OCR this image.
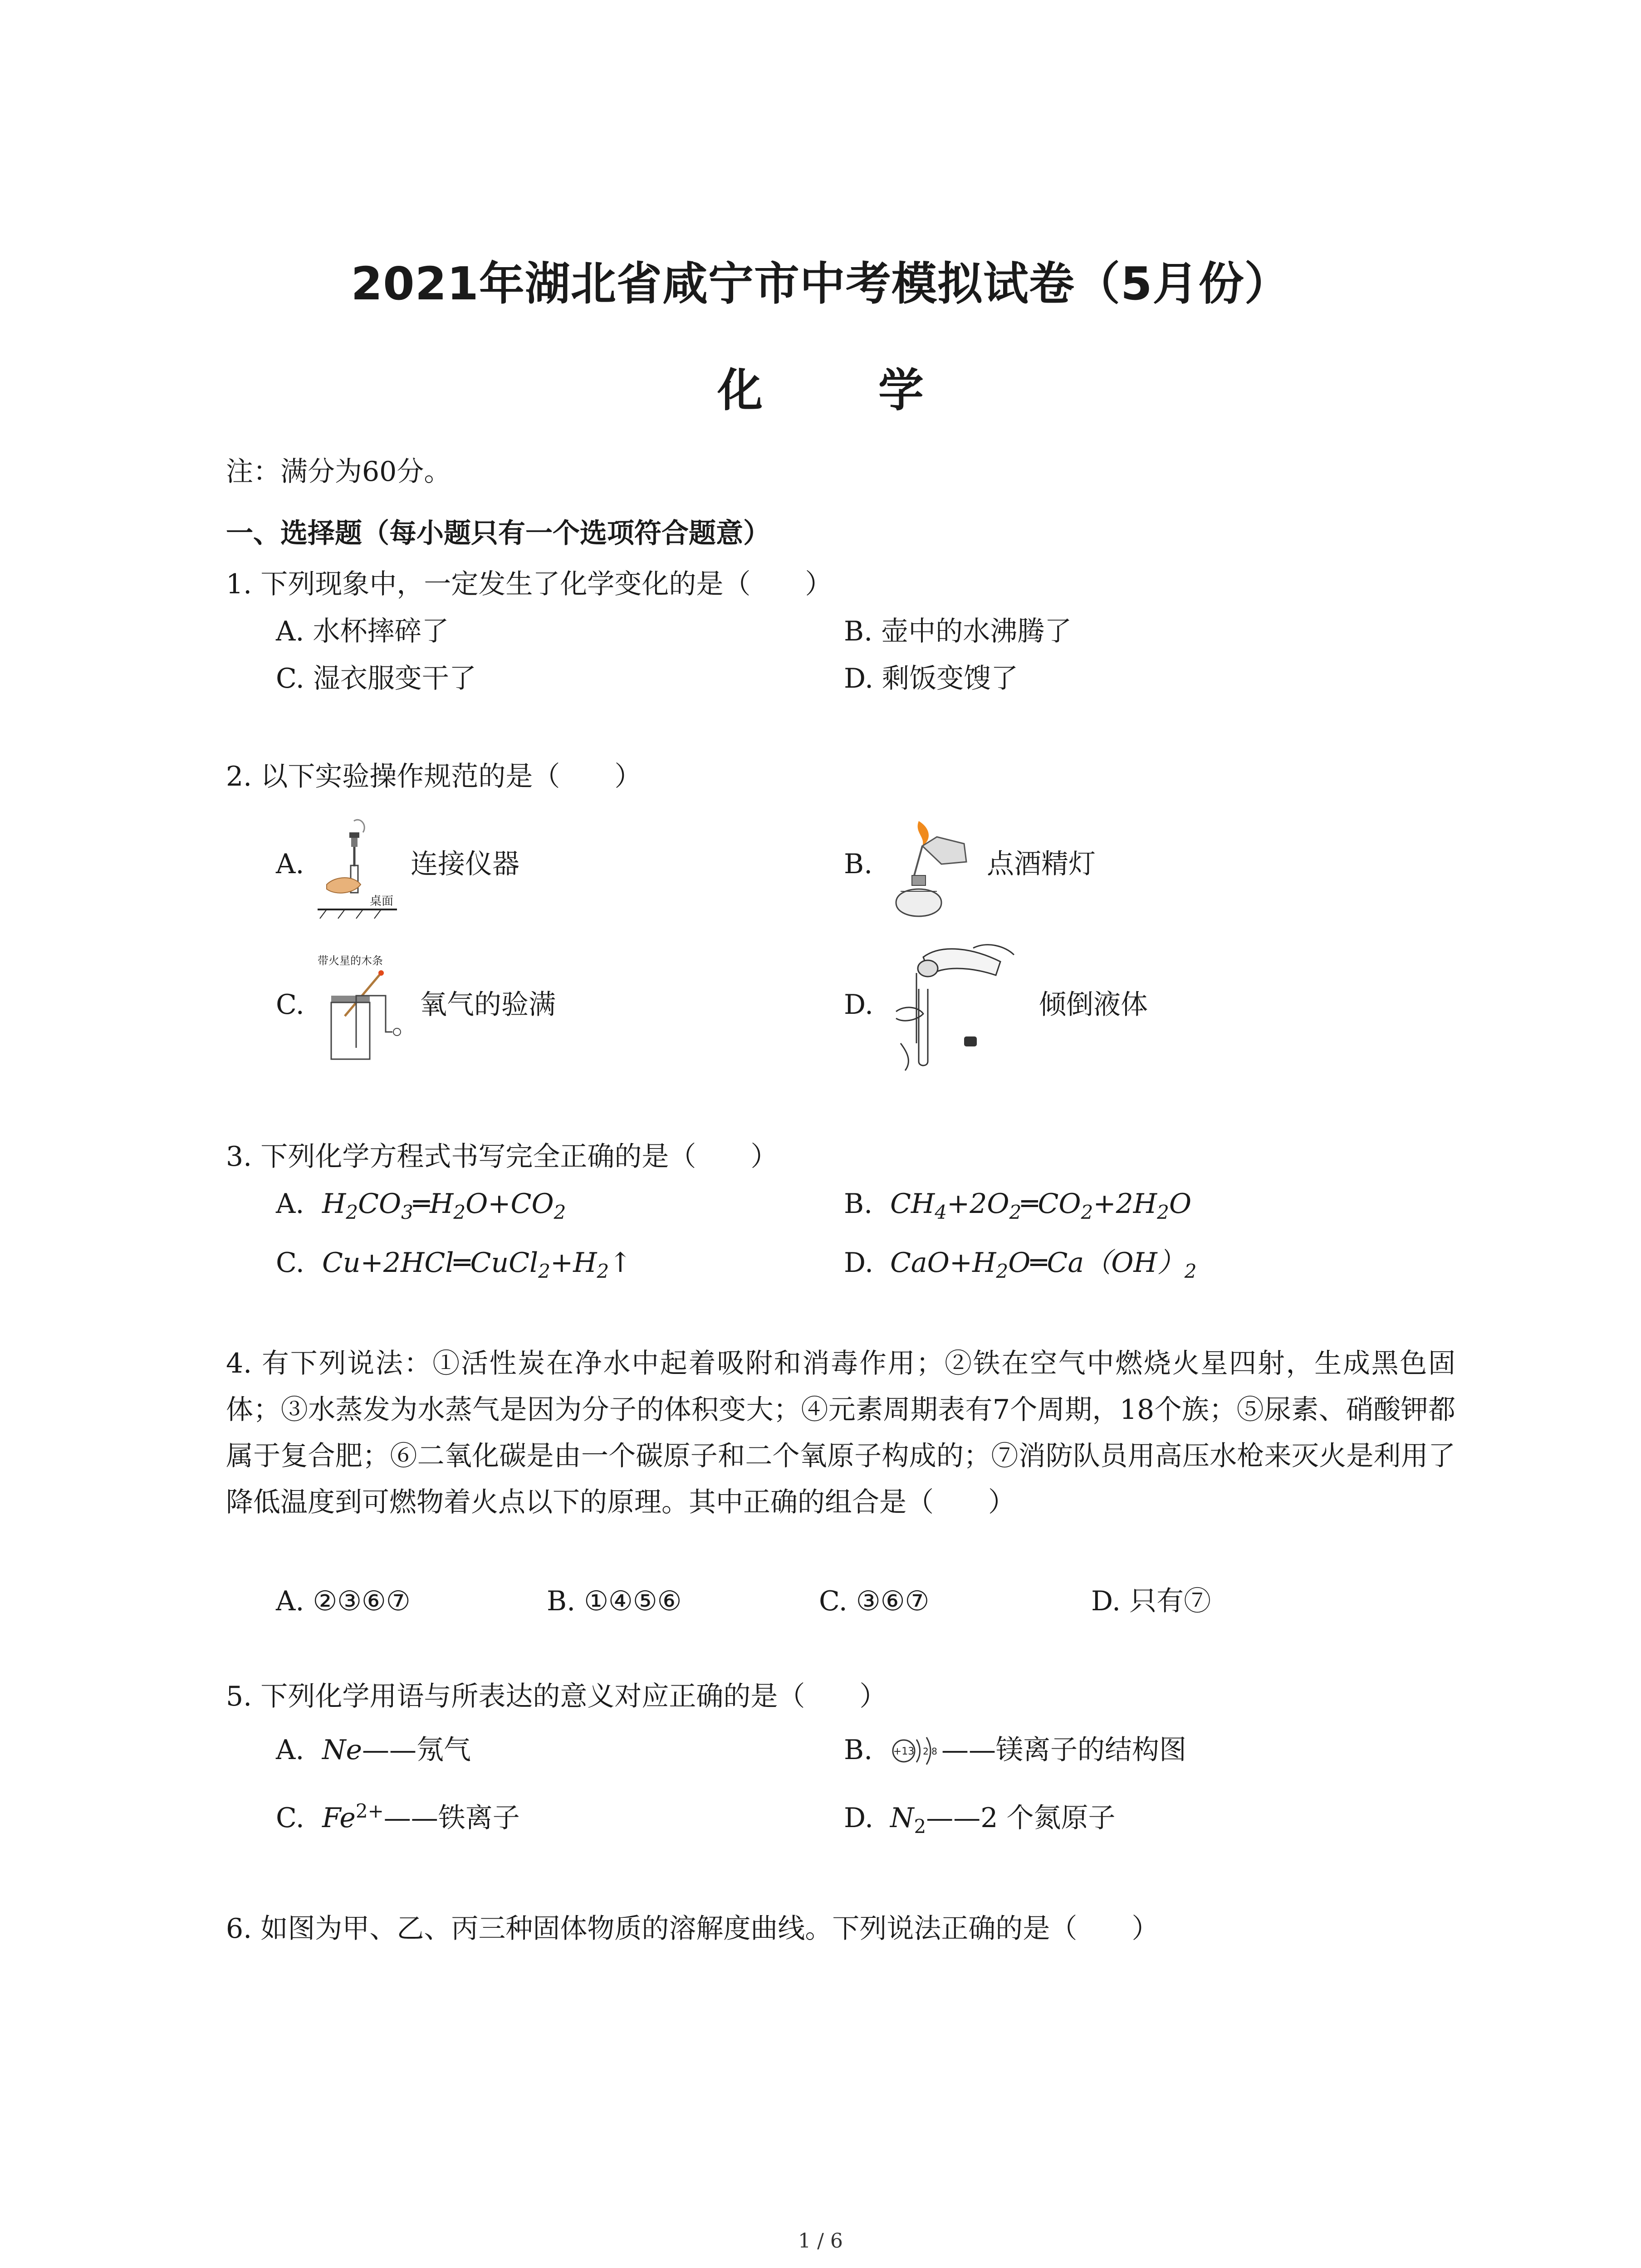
2021年湖北省咸宁市中考模拟试卷（5月份）
化 学
注：满分为60分。
一、选择题（每小题只有一个选项符合题意）
1. 下列现象中，一定发生了化学变化的是（　　）
A. 水杯摔碎了	B. 壶中的水沸腾了
C. 湿衣服变干了	D. 剩饭变馊了
2. 以下实验操作规范的是（　　）
A.
桌面
连接仪器	B.	点酒精灯
C.
带火星的木条
氧气的验满	D.	倾倒液体
3. 下列化学方程式书写完全正确的是（　　）
A. $H_2CO_3═H_2O+CO_2$	B. $CH_4+2O_2═CO_2+2H_2O$
C. $Cu+2HCl═CuCl_2+H_2↑$	D. $CaO+H_2O═Ca(OH)_2$
4. 有下列说法：①活性炭在净水中起着吸附和消毒作用；②铁在空气中燃烧火星四射，生成黑色固体；③水蒸发为水蒸气是因为分子的体积变大；④元素周期表有7个周期，18个族；⑤尿素、硝酸钾都属于复合肥；⑥二氧化碳是由一个碳原子和二个氧原子构成的；⑦消防队员用高压水枪来灭火是利用了降低温度到可燃物着火点以下的原理。其中正确的组合是（　　）
A. ②③⑥⑦	B. ①④⑤⑥	C. ③⑥⑦	D. 只有⑦
5. 下列化学用语与所表达的意义对应正确的是（　　）
A. Ne——氖气	B. +13 2 8 ——镁离子的结构图
C. $Fe^{2+}——$铁离子	D. $N_2——2$ 个氮原子
6. 如图为甲、乙、丙三种固体物质的溶解度曲线。下列说法正确的是（　　）
1 / 6
